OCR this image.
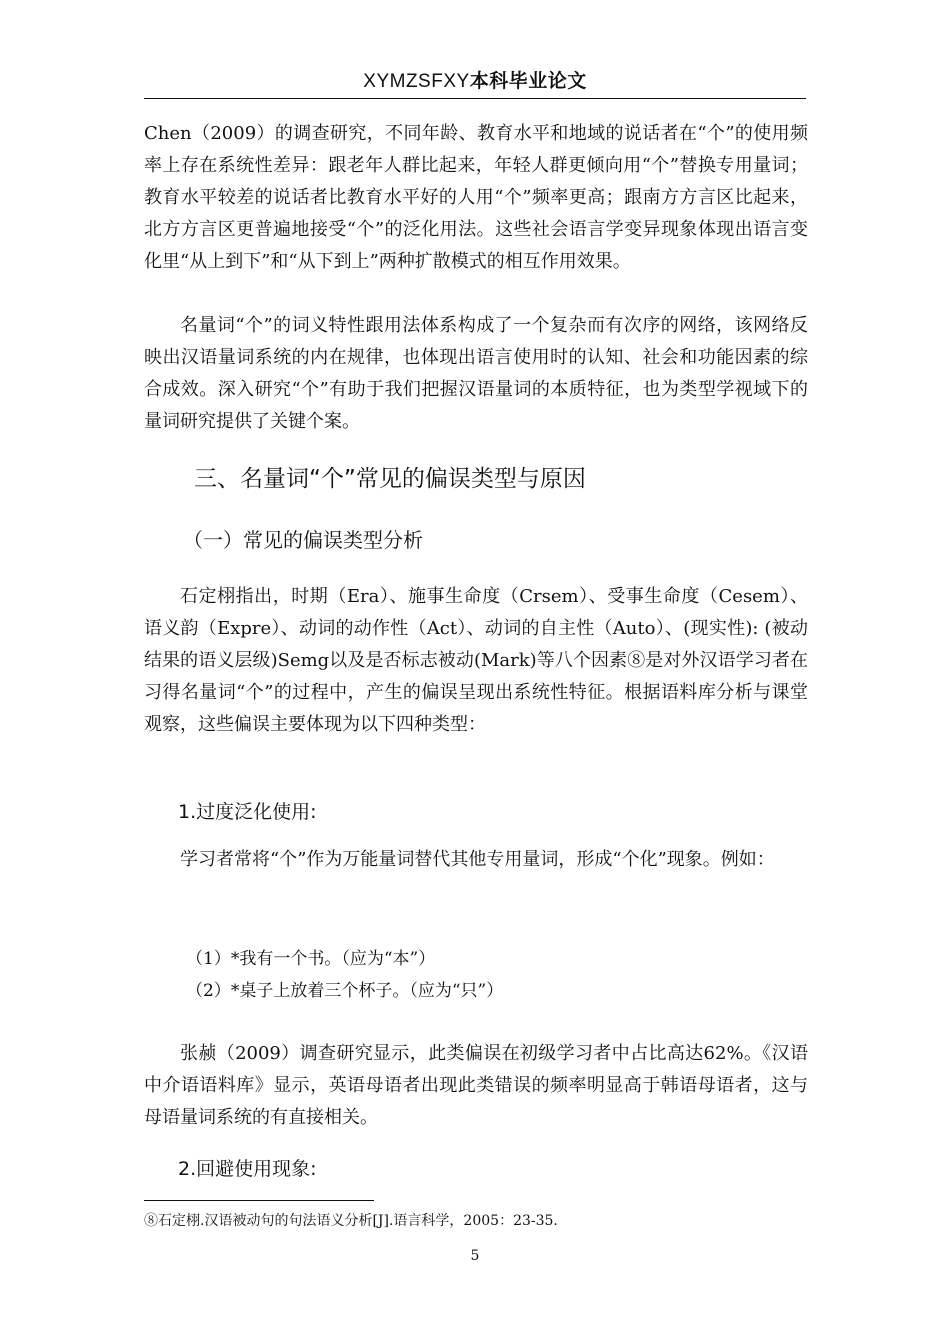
XYMZSFXY本科毕业论文

Chen（2009）的调查研究，不同年龄、教育水平和地域的说话者在“个”的使用频率上存在系统性差异：跟老年人群比起来，年轻人群更倾向用“个”替换专用量词；教育水平较差的说话者比教育水平好的人用“个”频率更高；跟南方方言区比起来，北方方言区更普遍地接受“个”的泛化用法。这些社会语言学变异现象体现出语言变化里“从上到下”和“从下到上”两种扩散模式的相互作用效果。

名量词“个”的词义特性跟用法体系构成了一个复杂而有次序的网络，该网络反映出汉语量词系统的内在规律，也体现出语言使用时的认知、社会和功能因素的综合成效。深入研究“个”有助于我们把握汉语量词的本质特征，也为类型学视域下的量词研究提供了关键个案。

三、名量词“个”常见的偏误类型与原因
（一）常见的偏误类型分析

石定栩指出，时期（Era）、施事生命度（Crsem）、受事生命度（Cesem）、语义韵（Expre）、动词的动作性（Act）、动词的自主性（Auto）、(现实性): (被动结果的语义层级)Semg以及是否标志被动(Mark)等八个因素⑧是对外汉语学习者在习得名量词“个”的过程中，产生的偏误呈现出系统性特征。根据语料库分析与课堂观察，这些偏误主要体现为以下四种类型：

1.过度泛化使用:

学习者常将“个”作为万能量词替代其他专用量词，形成“个化”现象。例如：

（1）*我有一个书。（应为“本”）

（2）*桌子上放着三个杯子。（应为“只”）

张赪（2009）调查研究显示，此类偏误在初级学习者中占比高达62%。《汉语中介语语料库》显示，英语母语者出现此类错误的频率明显高于韩语母语者，这与母语量词系统的有直接相关。

2.回避使用现象:

⑧石定栩.汉语被动句的句法语义分析[J].语言科学，2005：23-35.

5
